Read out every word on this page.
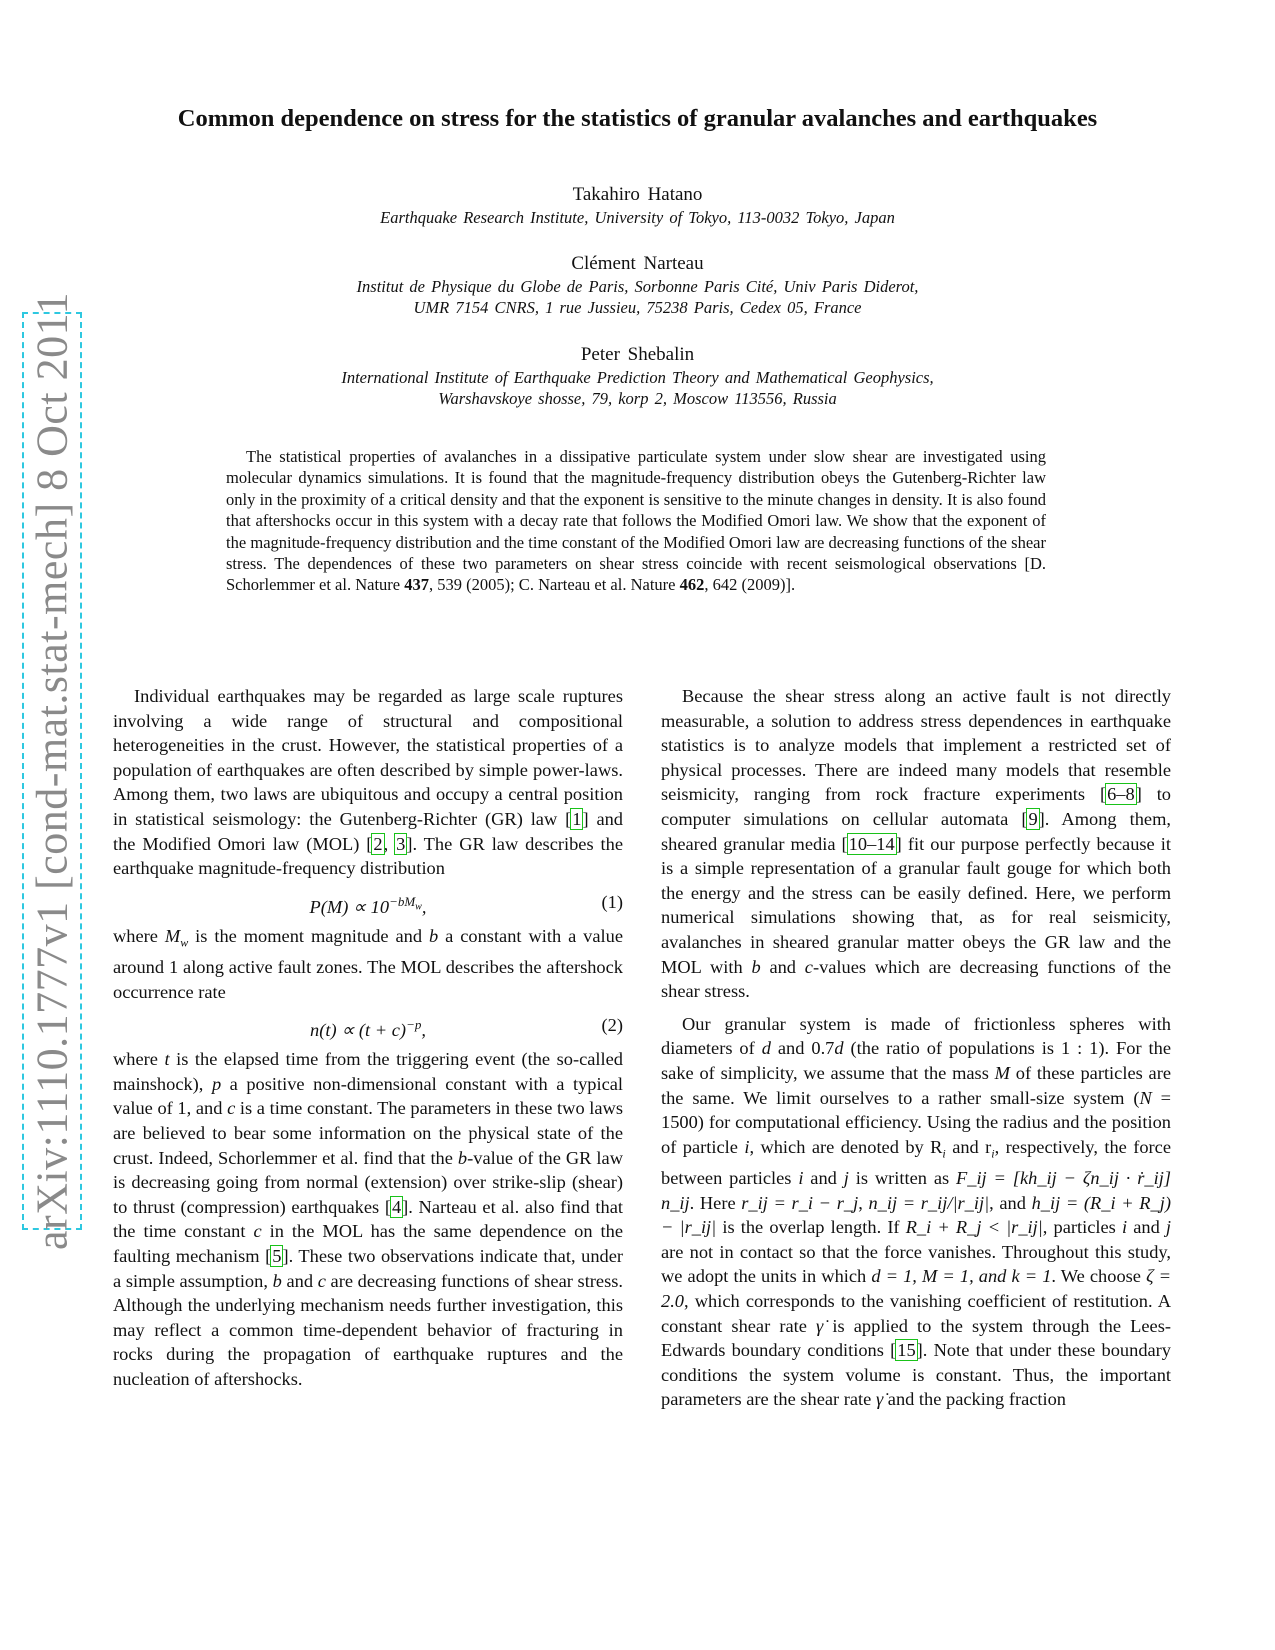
arXiv:1110.1777v1 [cond-mat.stat-mech] 8 Oct 2011
Common dependence on stress for the statistics of granular avalanches and earthquakes
Takahiro Hatano
Earthquake Research Institute, University of Tokyo, 113-0032 Tokyo, Japan
Clément Narteau
Institut de Physique du Globe de Paris, Sorbonne Paris Cité, Univ Paris Diderot,
UMR 7154 CNRS, 1 rue Jussieu, 75238 Paris, Cedex 05, France
Peter Shebalin
International Institute of Earthquake Prediction Theory and Mathematical Geophysics,
Warshavskoye shosse, 79, korp 2, Moscow 113556, Russia
The statistical properties of avalanches in a dissipative particulate system under slow shear are investigated using molecular dynamics simulations. It is found that the magnitude-frequency distribution obeys the Gutenberg-Richter law only in the proximity of a critical density and that the exponent is sensitive to the minute changes in density. It is also found that aftershocks occur in this system with a decay rate that follows the Modified Omori law. We show that the exponent of the magnitude-frequency distribution and the time constant of the Modified Omori law are decreasing functions of the shear stress. The dependences of these two parameters on shear stress coincide with recent seismological observations [D. Schorlemmer et al. Nature 437, 539 (2005); C. Narteau et al. Nature 462, 642 (2009)].

Individual earthquakes may be regarded as large scale ruptures involving a wide range of structural and compositional heterogeneities in the crust. However, the statistical properties of a population of earthquakes are often described by simple power-laws. Among them, two laws are ubiquitous and occupy a central position in statistical seismology: the Gutenberg-Richter (GR) law [1] and the Modified Omori law (MOL) [2, 3]. The GR law describes the earthquake magnitude-frequency distribution

$P(M) \propto 10^{-bM_w}$,	(1)

where $M_w$ is the moment magnitude and b a constant with a value around 1 along active fault zones. The MOL describes the aftershock occurrence rate

$n(t) \propto (t + c)^{-p}$,	(2)

where t is the elapsed time from the triggering event (the so-called mainshock), p a positive non-dimensional constant with a typical value of 1, and c is a time constant. The parameters in these two laws are believed to bear some information on the physical state of the crust. Indeed, Schorlemmer et al. find that the b-value of the GR law is decreasing going from normal (extension) over strike-slip (shear) to thrust (compression) earthquakes [4]. Narteau et al. also find that the time constant c in the MOL has the same dependence on the faulting mechanism [5]. These two observations indicate that, under a simple assumption, b and c are decreasing functions of shear stress. Although the underlying mechanism needs further investigation, this may reflect a common time-dependent behavior of fracturing in rocks during the propagation of earthquake ruptures and the nucleation of aftershocks.

Because the shear stress along an active fault is not directly measurable, a solution to address stress dependences in earthquake statistics is to analyze models that implement a restricted set of physical processes. There are indeed many models that resemble seismicity, ranging from rock fracture experiments [6–8] to computer simulations on cellular automata [9]. Among them, sheared granular media [10–14] fit our purpose perfectly because it is a simple representation of a granular fault gouge for which both the energy and the stress can be easily defined. Here, we perform numerical simulations showing that, as for real seismicity, avalanches in sheared granular matter obeys the GR law and the MOL with b and c-values which are decreasing functions of the shear stress.

Our granular system is made of frictionless spheres with diameters of d and 0.7d (the ratio of populations is 1 : 1). For the sake of simplicity, we assume that the mass M of these particles are the same. We limit ourselves to a rather small-size system (N = 1500) for computational efficiency. Using the radius and the position of particle i, which are denoted by $R_i$ and $r_i$, respectively, the force between particles i and j is written as F_ij = [kh_ij − ζn_ij · ṙ_ij] n_ij. Here r_ij = r_i − r_j, n_ij = r_ij/|r_ij|, and h_ij = (R_i + R_j) − |r_ij| is the overlap length. If R_i + R_j < |r_ij|, particles i and j are not in contact so that the force vanishes. Throughout this study, we adopt the units in which d = 1, M = 1, and k = 1. We choose ζ = 2.0, which corresponds to the vanishing coefficient of restitution. A constant shear rate γ̇ is applied to the system through the Lees-Edwards boundary conditions [15]. Note that under these boundary conditions the system volume is constant. Thus, the important parameters are the shear rate γ̇ and the packing fraction
